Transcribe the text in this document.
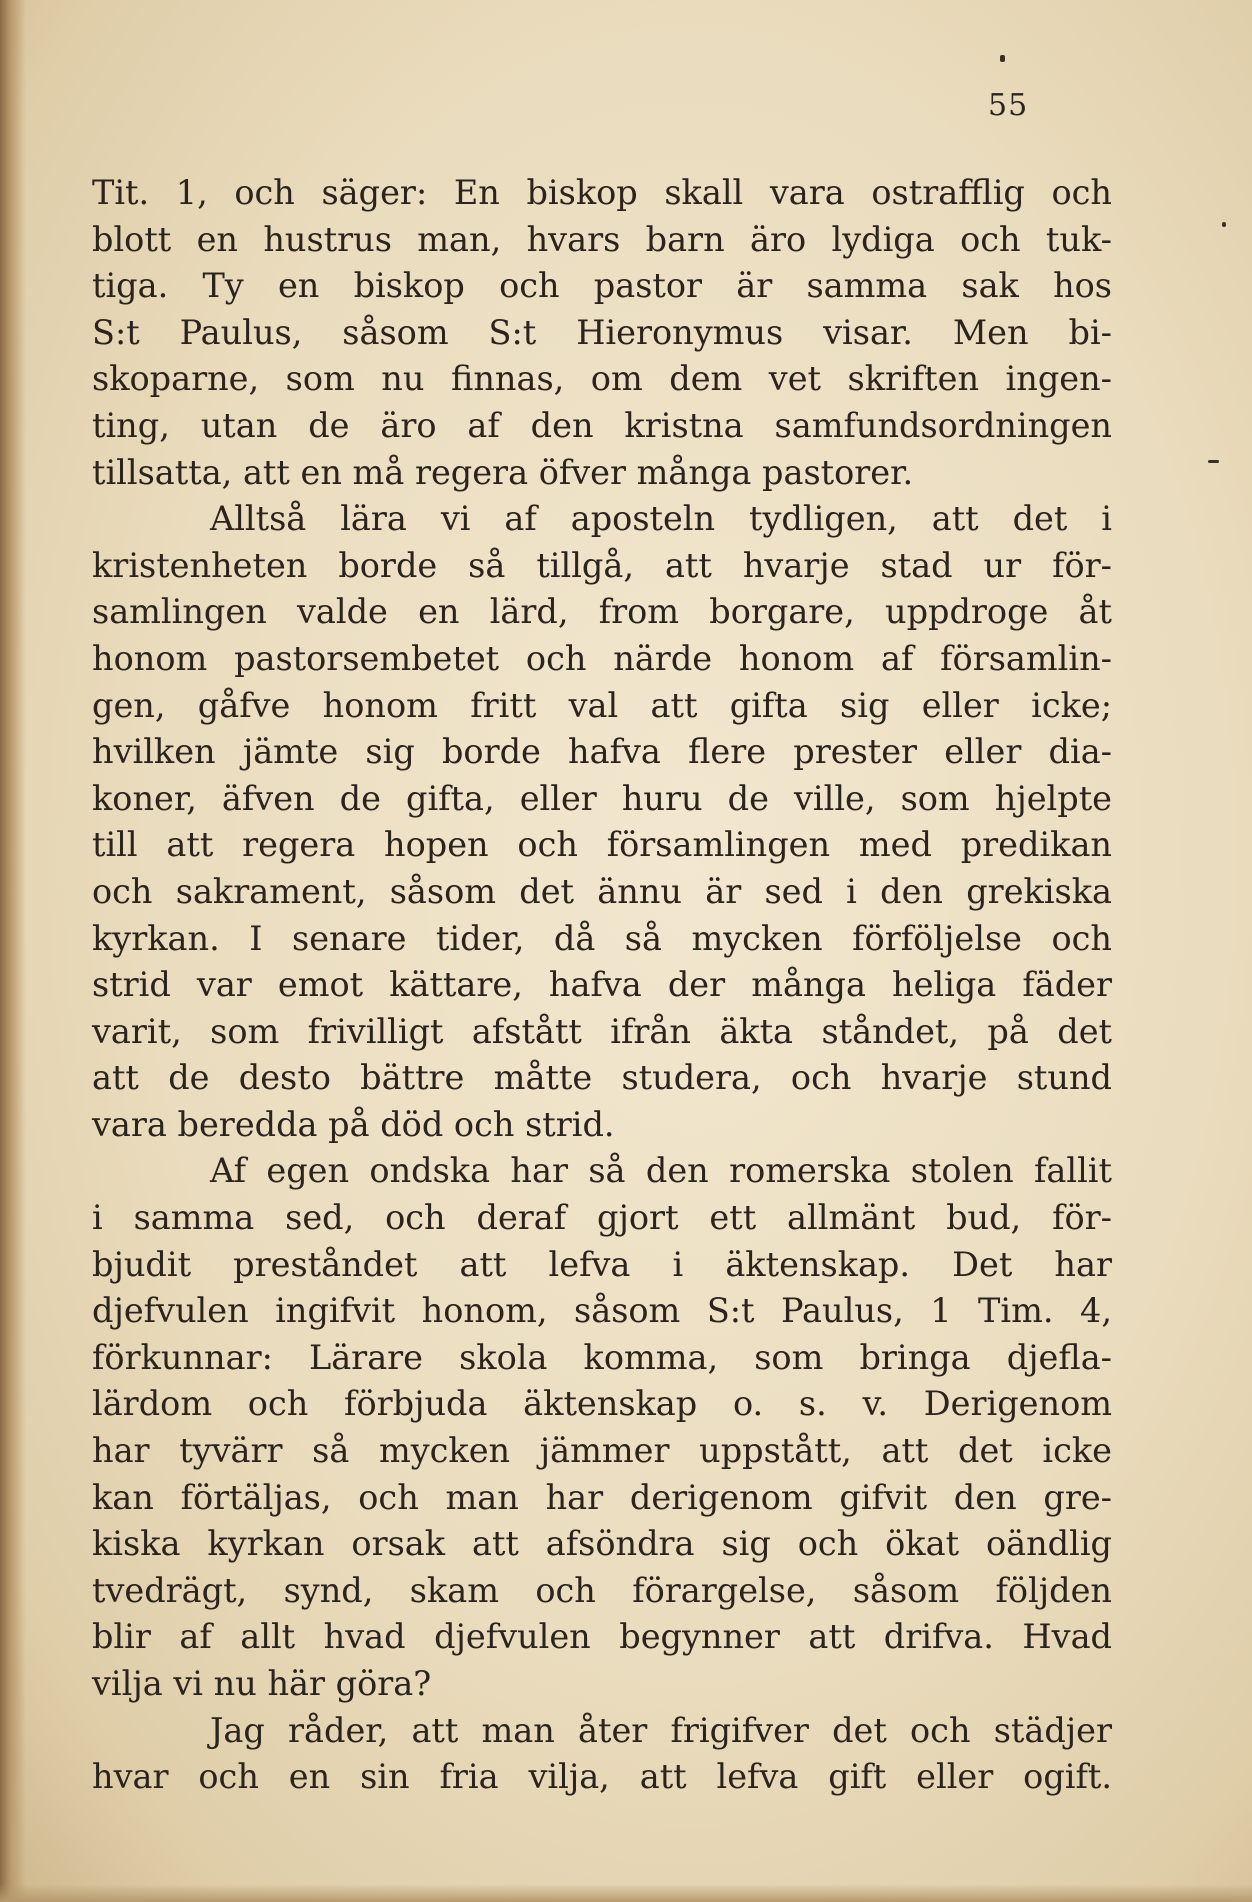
55
Tit. 1, och säger: En biskop skall vara ostrafflig och
blott en hustrus man, hvars barn äro lydiga och tuk-
tiga. Ty en biskop och pastor är samma sak hos
S:t Paulus, såsom S:t Hieronymus visar. Men bi-
skoparne, som nu finnas, om dem vet skriften ingen-
ting, utan de äro af den kristna samfundsordningen
tillsatta, att en må regera öfver många pastorer.
Alltså lära vi af aposteln tydligen, att det i
kristenheten borde så tillgå, att hvarje stad ur för-
samlingen valde en lärd, from borgare, uppdroge åt
honom pastorsembetet och närde honom af församlin-
gen, gåfve honom fritt val att gifta sig eller icke;
hvilken jämte sig borde hafva flere prester eller dia-
koner, äfven de gifta, eller huru de ville, som hjelpte
till att regera hopen och församlingen med predikan
och sakrament, såsom det ännu är sed i den grekiska
kyrkan. I senare tider, då så mycken förföljelse och
strid var emot kättare, hafva der många heliga fäder
varit, som frivilligt afstått ifrån äkta ståndet, på det
att de desto bättre måtte studera, och hvarje stund
vara beredda på död och strid.
Af egen ondska har så den romerska stolen fallit
i samma sed, och deraf gjort ett allmänt bud, för-
bjudit preståndet att lefva i äktenskap. Det har
djefvulen ingifvit honom, såsom S:t Paulus, 1 Tim. 4,
förkunnar: Lärare skola komma, som bringa djefla-
lärdom och förbjuda äktenskap o. s. v. Derigenom
har tyvärr så mycken jämmer uppstått, att det icke
kan förtäljas, och man har derigenom gifvit den gre-
kiska kyrkan orsak att afsöndra sig och ökat oändlig
tvedrägt, synd, skam och förargelse, såsom följden
blir af allt hvad djefvulen begynner att drifva. Hvad
vilja vi nu här göra?
Jag råder, att man åter frigifver det och städjer
hvar och en sin fria vilja, att lefva gift eller ogift.
